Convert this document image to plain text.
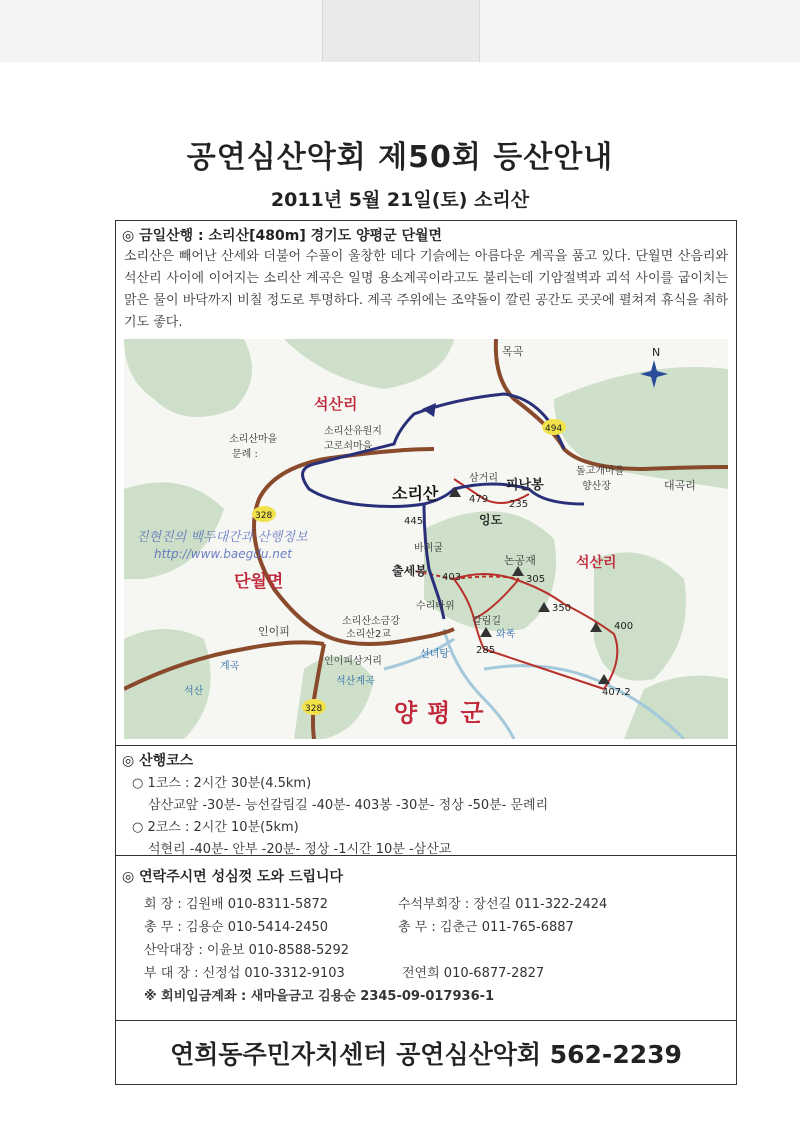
공연심산악회 제50회 등산안내
2011년 5월 21일(토) 소리산
◎ 금일산행 : 소리산[480m] 경기도 양평군 단월면
소리산은 빼어난 산세와 더불어 수풀이 울창한 데다 기슭에는 아름다운 계곡을 품고 있다. 단월면 산음리와 석산리 사이에 이어지는 소리산 계곡은 일명 용소계곡이라고도 불리는데 기암절벽과 괴석 사이를 굽이치는 맑은 물이 바닥까지 비칠 정도로 투명하다. 계곡 주위에는 조약돌이 깔린 공간도 곳곳에 펼쳐져 휴식을 취하기도 좋다.
N
328
328
494
목곡
석산리
소리산마을
문례 :
소리산유원지
고로쇠마을
소리산	479
삼거리 피난봉
235
돌고개마을
향산장	대곡리
445
진현진의 백두대간과 산행정보
http://www.baegdu.net	바위굴
잉도
논공재	석산리
출세봉 403	305
단월면
수리바위
갈림길
와폭
350
400
인이피
소리산소금강
소리산2교
선녀탕	285
인이피삼거리
407.2
계곡
석산계곡
석산
양평군
◎ 산행코스
○ 1코스 : 2시간 30분(4.5km)
삼산교앞 -30분- 능선갈림길 -40분- 403봉 -30분- 정상 -50분- 문례리
○ 2코스 : 2시간 10분(5km)
석현리 -40분- 안부 -20분- 정상 -1시간 10분 -삼산교
◎ 연락주시면 성심껏 도와 드립니다
회 장 : 김원배 010-8311-5872	수석부회장 : 장선길 011-322-2424
총 무 : 김용순 010-5414-2450	총 무 : 김춘근 011-765-6887
산악대장 : 이윤보 010-8588-5292
부 대 장 : 신정섭 010-3312-9103	전연희 010-6877-2827
※ 회비입금계좌 : 새마을금고 김용순 2345-09-017936-1
연희동주민자치센터 공연심산악회 562-2239
